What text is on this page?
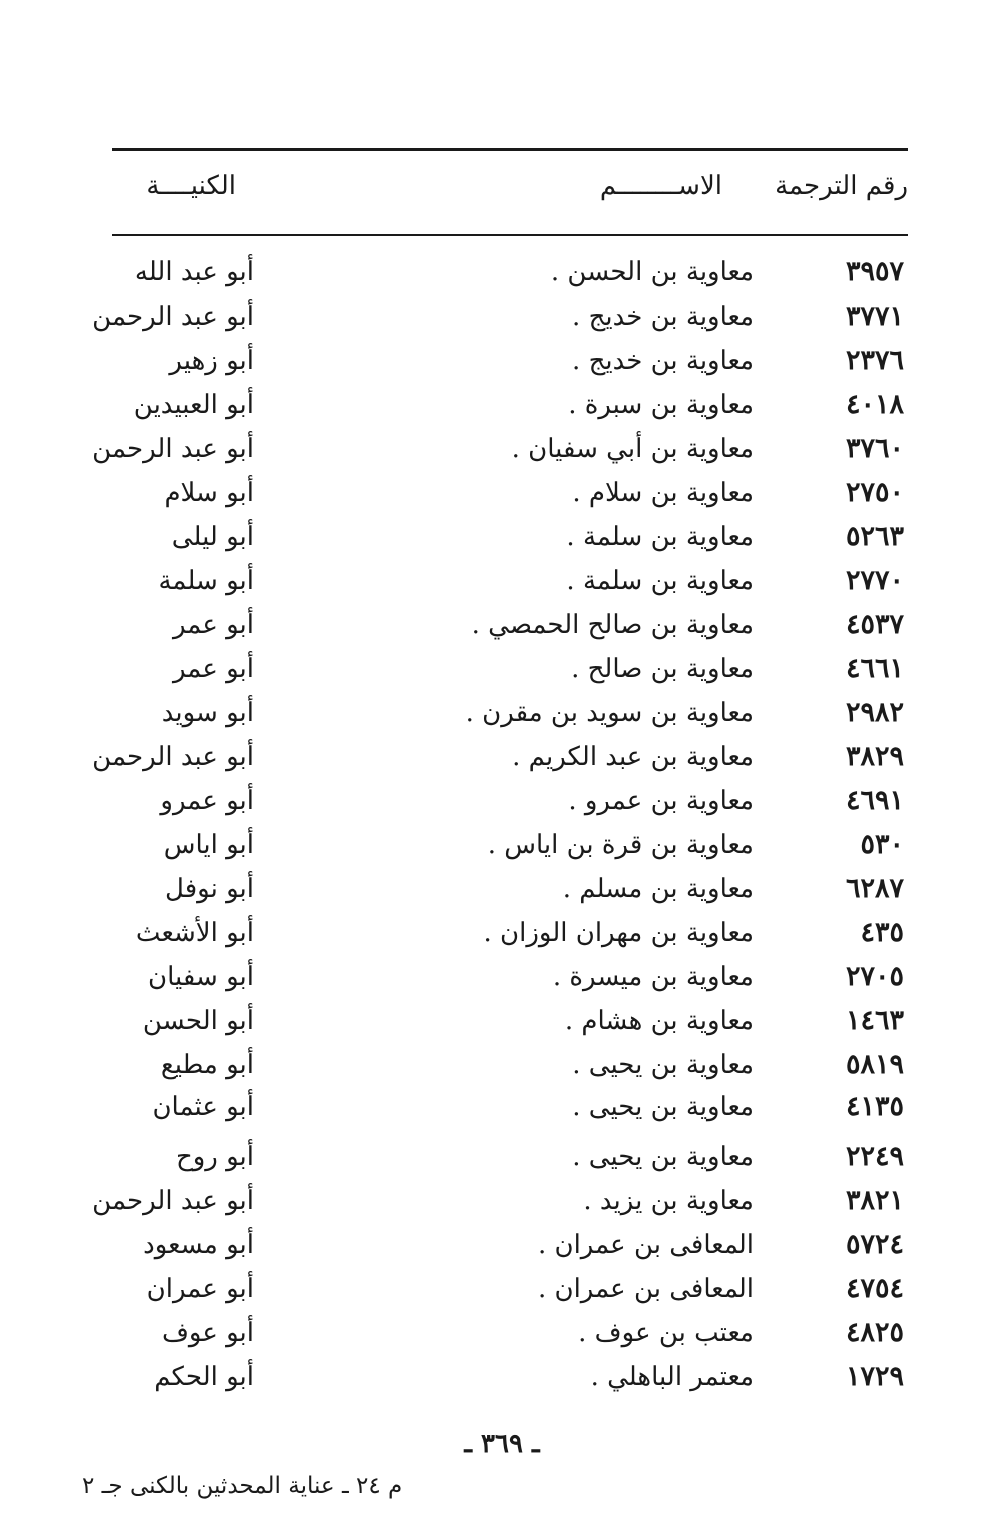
رقم الترجمة
الاســــــــم
الكنيــــة
٣٩٥٧
معاوية بن الحسن .
أبو عبد الله
٣٧٧١
معاوية بن خديج .
أبو عبد الرحمن
٢٣٧٦
معاوية بن خديج .
أبو زهير
٤٠١٨
معاوية بن سبرة .
أبو العبيدين
٣٧٦٠
معاوية بن أبي سفيان .
أبو عبد الرحمن
٢٧٥٠
معاوية بن سلام .
أبو سلام
٥٢٦٣
معاوية بن سلمة .
أبو ليلى
٢٧٧٠
معاوية بن سلمة .
أبو سلمة
٤٥٣٧
معاوية بن صالح الحمصي .
أبو عمر
٤٦٦١
معاوية بن صالح .
أبو عمر
٢٩٨٢
معاوية بن سويد بن مقرن .
أبو سويد
٣٨٢٩
معاوية بن عبد الكريم .
أبو عبد الرحمن
٤٦٩١
معاوية بن عمرو .
أبو عمرو
٥٣٠
معاوية بن قرة بن اياس .
أبو اياس
٦٢٨٧
معاوية بن مسلم .
أبو نوفل
٤٣٥
معاوية بن مهران الوزان .
أبو الأشعث
٢٧٠٥
معاوية بن ميسرة .
أبو سفيان
١٤٦٣
معاوية بن هشام .
أبو الحسن
٥٨١٩
معاوية بن يحيى .
أبو مطيع
٤١٣٥
معاوية بن يحيى .
أبو عثمان
٢٢٤٩
معاوية بن يحيى .
أبو روح
٣٨٢١
معاوية بن يزيد .
أبو عبد الرحمن
٥٧٢٤
المعافى بن عمران .
أبو مسعود
٤٧٥٤
المعافى بن عمران .
أبو عمران
٤٨٢٥
معتب بن عوف .
أبو عوف
١٧٢٩
معتمر الباهلي .
أبو الحكم
ـ ٣٦٩ ـ
م ٢٤ ـ عناية المحدثين بالكنى جـ ٢
